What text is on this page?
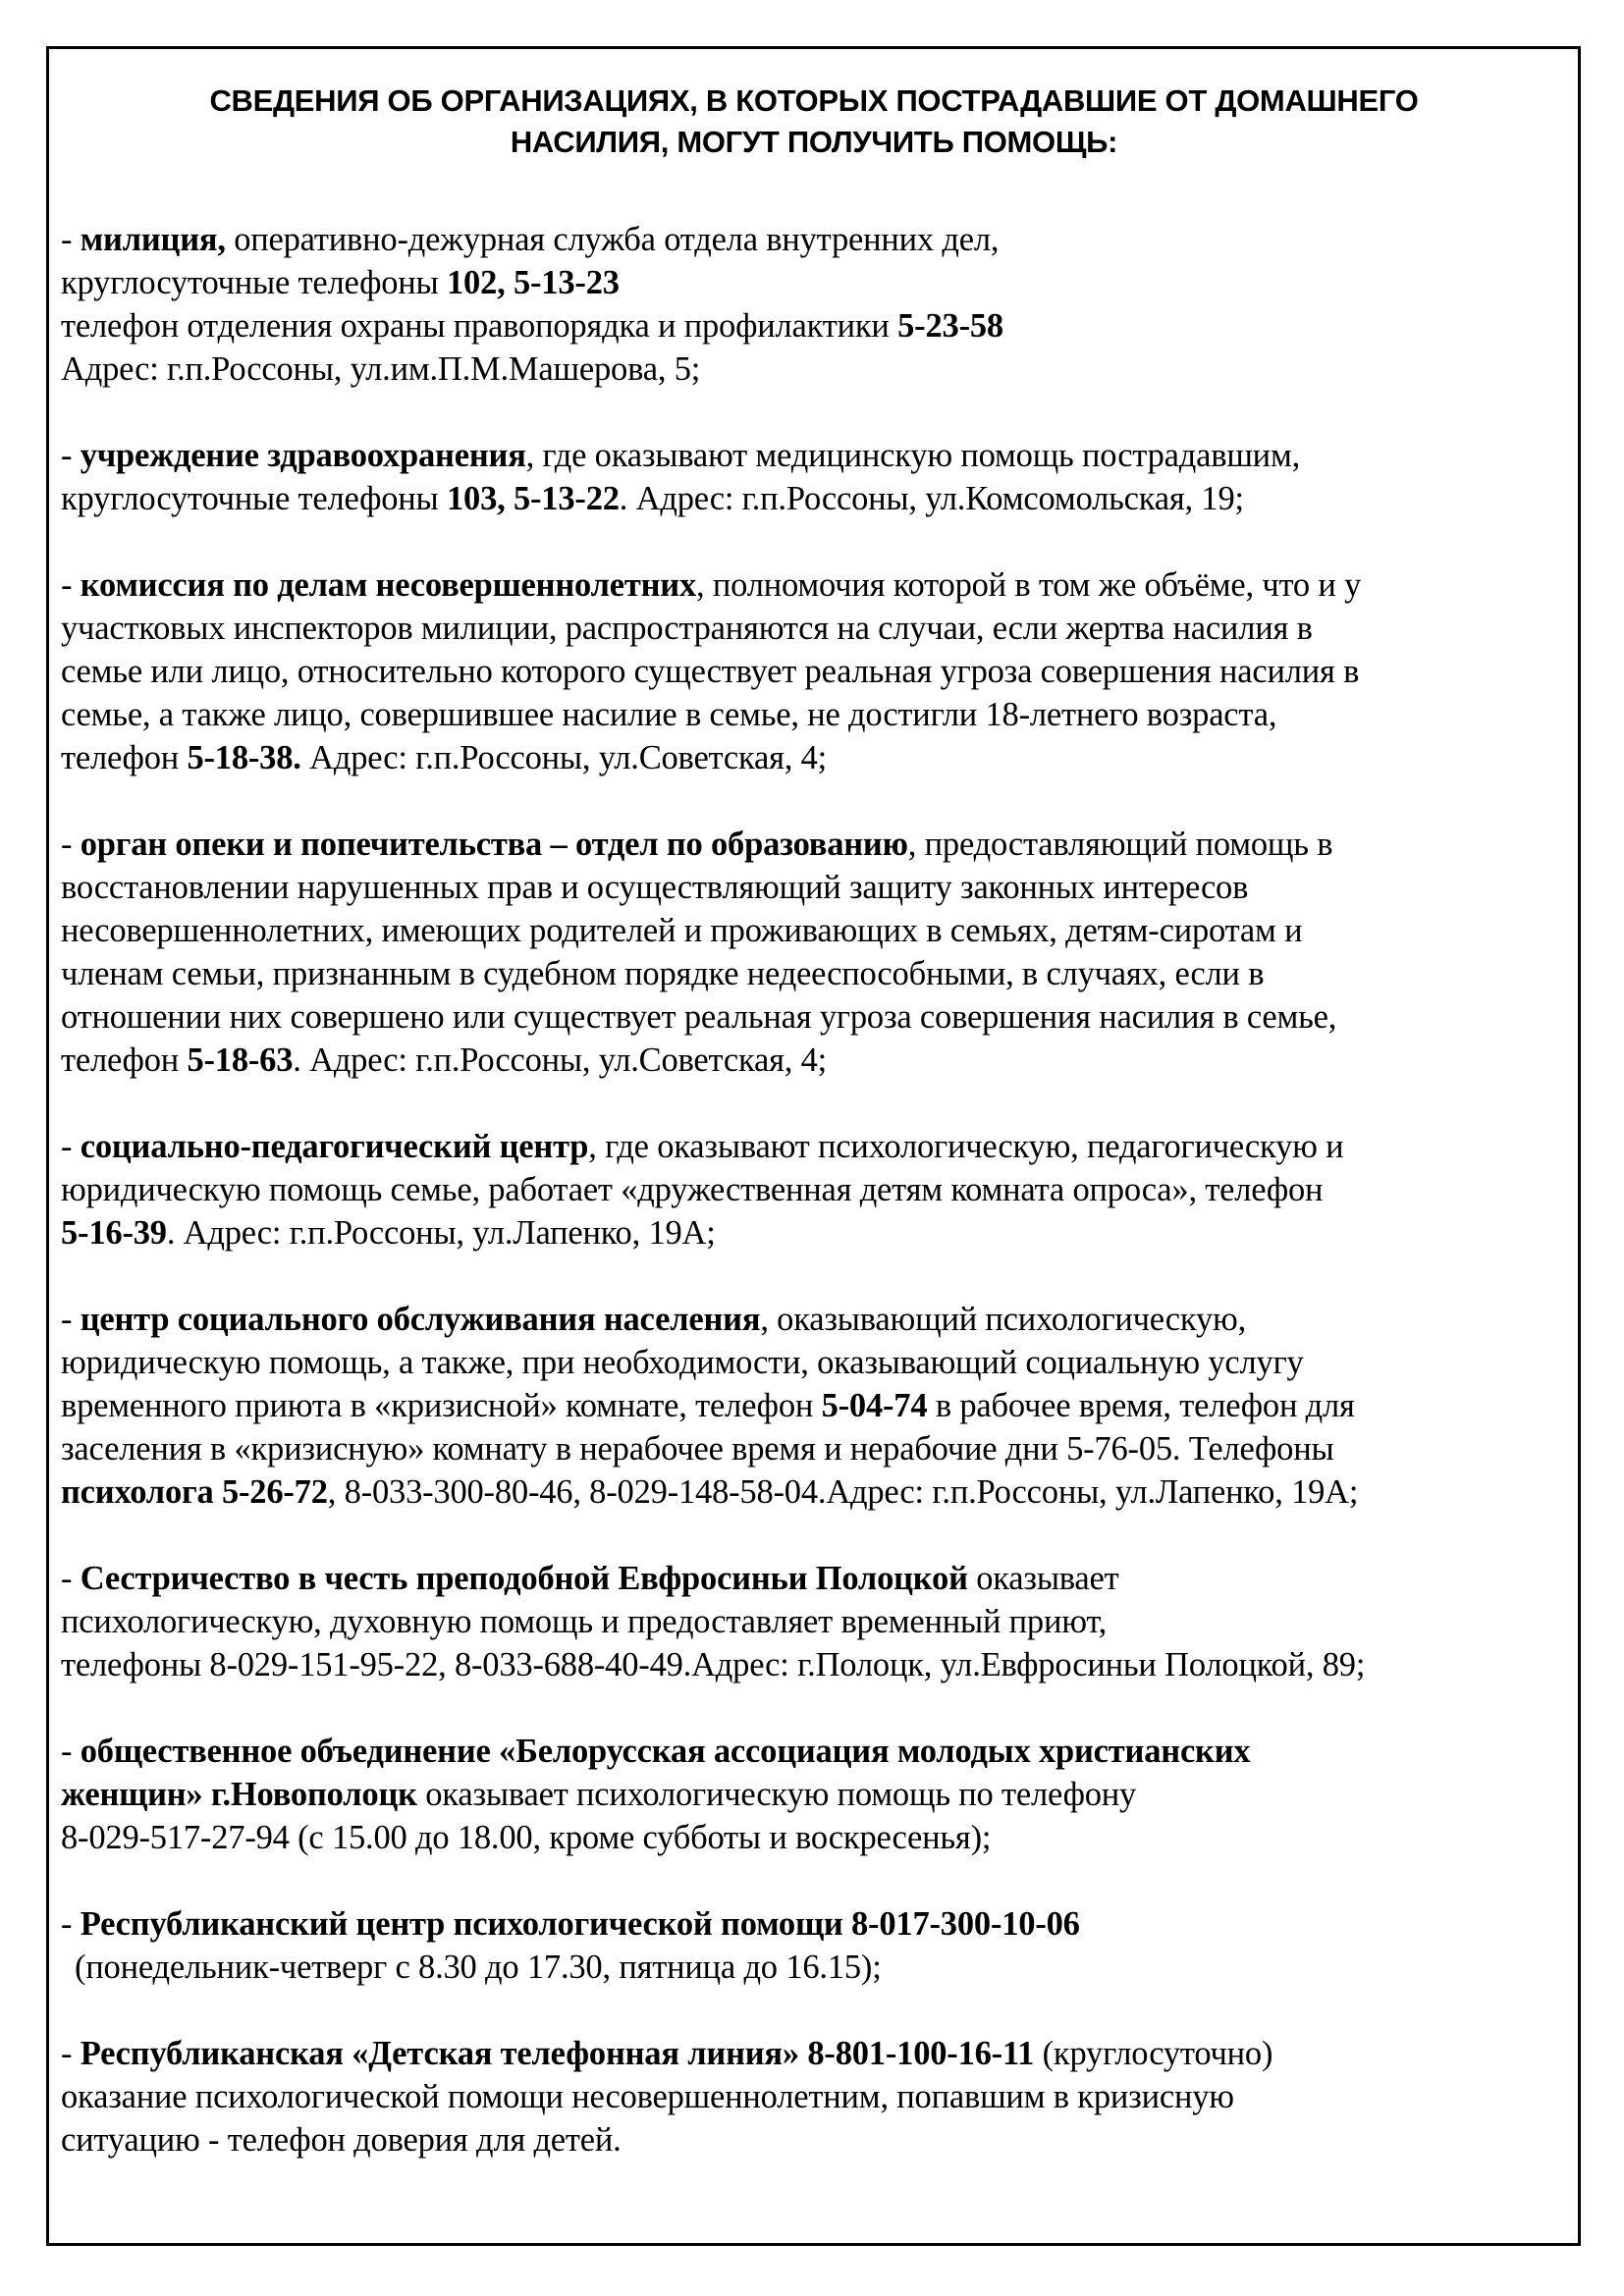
СВЕДЕНИЯ ОБ ОРГАНИЗАЦИЯХ, В КОТОРЫХ ПОСТРАДАВШИЕ ОТ ДОМАШНЕГО
НАСИЛИЯ, МОГУТ ПОЛУЧИТЬ ПОМОЩЬ:
- милиция, оперативно-дежурная служба отдела внутренних дел,
круглосуточные телефоны 102, 5-13-23
телефон отделения охраны правопорядка и профилактики 5-23-58
Адрес: г.п.Россоны, ул.им.П.М.Машерова, 5;
- учреждение здравоохранения, где оказывают медицинскую помощь пострадавшим,
круглосуточные телефоны 103, 5-13-22. Адрес: г.п.Россоны, ул.Комсомольская, 19;
- комиссия по делам несовершеннолетних, полномочия которой в том же объёме, что и у
участковых инспекторов милиции, распространяются на случаи, если жертва насилия в
семье или лицо, относительно которого существует реальная угроза совершения насилия в
семье, а также лицо, совершившее насилие в семье, не достигли 18-летнего возраста,
телефон 5-18-38. Адрес: г.п.Россоны, ул.Советская, 4;
- орган опеки и попечительства – отдел по образованию, предоставляющий помощь в
восстановлении нарушенных прав и осуществляющий защиту законных интересов
несовершеннолетних, имеющих родителей и проживающих в семьях, детям-сиротам и
членам семьи, признанным в судебном порядке недееспособными, в случаях, если в
отношении них совершено или существует реальная угроза совершения насилия в семье,
телефон 5-18-63. Адрес: г.п.Россоны, ул.Советская, 4;
- социально-педагогический центр, где оказывают психологическую, педагогическую и
юридическую помощь семье, работает «дружественная детям комната опроса», телефон
5-16-39. Адрес: г.п.Россоны, ул.Лапенко, 19А;
- центр социального обслуживания населения, оказывающий психологическую,
юридическую помощь, а также, при необходимости, оказывающий социальную услугу
временного приюта в «кризисной» комнате, телефон 5-04-74 в рабочее время, телефон для
заселения в «кризисную» комнату в нерабочее время и нерабочие дни 5-76-05. Телефоны
психолога 5-26-72, 8-033-300-80-46, 8-029-148-58-04.Адрес: г.п.Россоны, ул.Лапенко, 19А;
- Сестричество в честь преподобной Евфросиньи Полоцкой оказывает
психологическую, духовную помощь и предоставляет временный приют,
телефоны 8-029-151-95-22, 8-033-688-40-49.Адрес: г.Полоцк, ул.Евфросиньи Полоцкой, 89;
- общественное объединение «Белорусская ассоциация молодых христианских
женщин» г.Новополоцк оказывает психологическую помощь по телефону
8-029-517-27-94 (с 15.00 до 18.00, кроме субботы и воскресенья);
- Республиканский центр психологической помощи 8-017-300-10-06
(понедельник-четверг с 8.30 до 17.30, пятница до 16.15);
- Республиканская «Детская телефонная линия» 8-801-100-16-11 (круглосуточно)
оказание психологической помощи несовершеннолетним, попавшим в кризисную
ситуацию - телефон доверия для детей.
